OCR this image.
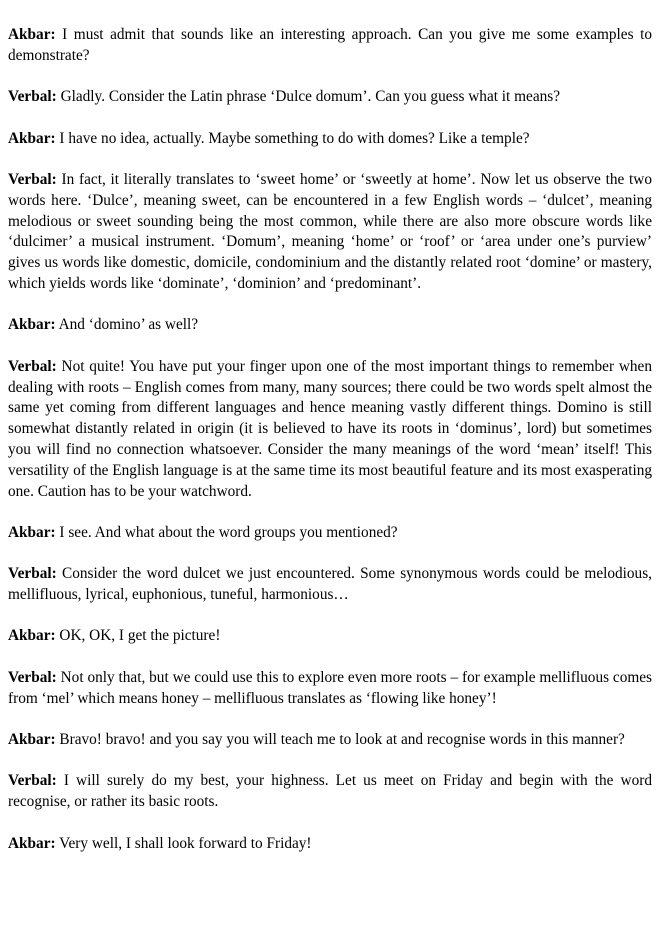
Akbar: I must admit that sounds like an interesting approach. Can you give me some examples to demonstrate?

Verbal: Gladly. Consider the Latin phrase ‘Dulce domum’. Can you guess what it means?

Akbar: I have no idea, actually. Maybe something to do with domes? Like a temple?

Verbal: In fact, it literally translates to ‘sweet home’ or ‘sweetly at home’. Now let us observe the two words here. ‘Dulce’, meaning sweet, can be encountered in a few English words – ‘dulcet’, meaning melodious or sweet sounding being the most common, while there are also more obscure words like ‘dulcimer’ a musical instrument. ‘Domum’, meaning ‘home’ or ‘roof’ or ‘area under one’s purview’ gives us words like domestic, domicile, condominium and the distantly related root ‘domine’ or mastery, which yields words like ‘dominate’, ‘dominion’ and ‘predominant’.

Akbar: And ‘domino’ as well?

Verbal: Not quite! You have put your finger upon one of the most important things to remember when dealing with roots – English comes from many, many sources; there could be two words spelt almost the same yet coming from different languages and hence meaning vastly different things. Domino is still somewhat distantly related in origin (it is believed to have its roots in ‘dominus’, lord) but sometimes you will find no connection whatsoever. Consider the many meanings of the word ‘mean’ itself! This versatility of the English language is at the same time its most beautiful feature and its most exasperating one. Caution has to be your watchword.

Akbar: I see. And what about the word groups you mentioned?

Verbal: Consider the word dulcet we just encountered. Some synonymous words could be melodious, mellifluous, lyrical, euphonious, tuneful, harmonious…

Akbar: OK, OK, I get the picture!

Verbal: Not only that, but we could use this to explore even more roots – for example mellifluous comes from ‘mel’ which means honey – mellifluous translates as ‘flowing like honey’!

Akbar: Bravo! bravo! and you say you will teach me to look at and recognise words in this manner?

Verbal: I will surely do my best, your highness. Let us meet on Friday and begin with the word recognise, or rather its basic roots.

Akbar: Very well, I shall look forward to Friday!
